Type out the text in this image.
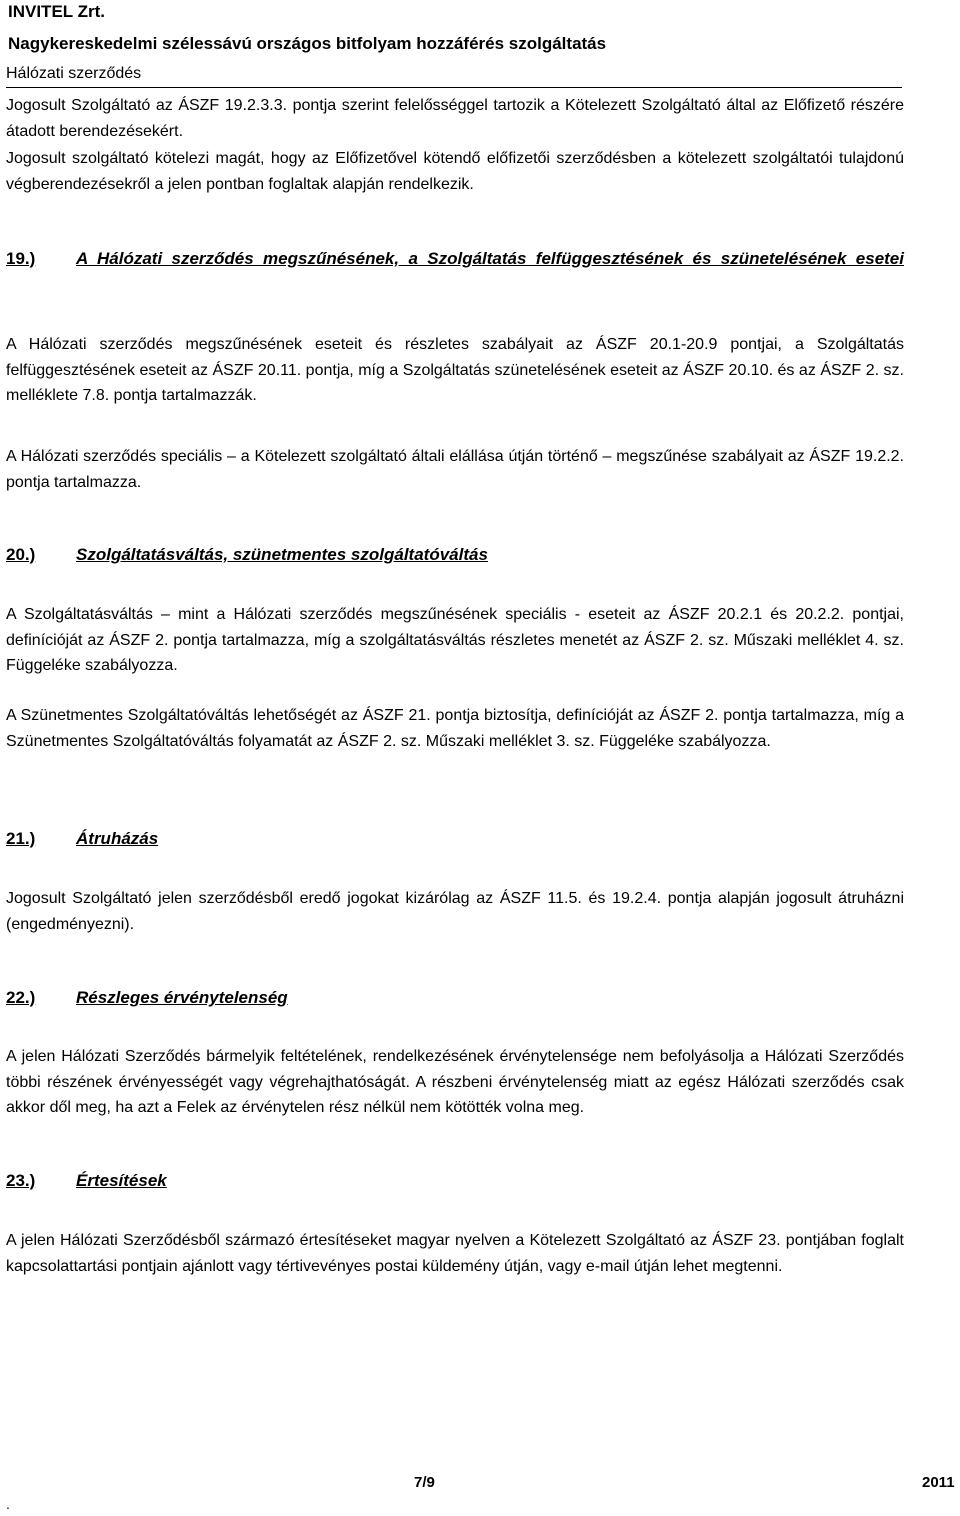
INVITEL Zrt.
Nagykereskedelmi szélessávú országos bitfolyam hozzáférés szolgáltatás
Hálózati szerződés
Jogosult Szolgáltató az ÁSZF 19.2.3.3. pontja szerint felelősséggel tartozik a Kötelezett Szolgáltató által az Előfizető részére átadott berendezésekért.
Jogosult szolgáltató kötelezi magát, hogy az Előfizetővel kötendő előfizetői szerződésben a kötelezett szolgáltatói tulajdonú végberendezésekről a jelen pontban foglaltak alapján rendelkezik.
19.) A Hálózati szerződés megszűnésének, a Szolgáltatás felfüggesztésének és szünetelésének esetei
A Hálózati szerződés megszűnésének eseteit és részletes szabályait az ÁSZF 20.1-20.9 pontjai, a Szolgáltatás felfüggesztésének eseteit az ÁSZF 20.11. pontja, míg a Szolgáltatás szünetelésének eseteit az ÁSZF 20.10. és az ÁSZF 2. sz. melléklete 7.8. pontja tartalmazzák.
A Hálózati szerződés speciális – a Kötelezett szolgáltató általi elállása útján történő – megszűnése szabályait az ÁSZF 19.2.2. pontja tartalmazza.
20.) Szolgáltatásváltás, szünetmentes szolgáltatóváltás
A Szolgáltatásváltás – mint a Hálózati szerződés megszűnésének speciális - eseteit az ÁSZF 20.2.1 és 20.2.2. pontjai, definícióját az ÁSZF 2. pontja tartalmazza, míg a szolgáltatásváltás részletes menetét az ÁSZF 2. sz. Műszaki melléklet 4. sz. Függeléke szabályozza.
A Szünetmentes Szolgáltatóváltás lehetőségét az ÁSZF 21. pontja biztosítja, definícióját az ÁSZF 2. pontja tartalmazza, míg a Szünetmentes Szolgáltatóváltás folyamatát az ÁSZF 2. sz. Műszaki melléklet 3. sz. Függeléke szabályozza.
21.) Átruházás
Jogosult Szolgáltató jelen szerződésből eredő jogokat kizárólag az ÁSZF 11.5. és 19.2.4. pontja alapján jogosult átruházni (engedményezni).
22.) Részleges érvénytelenség
A jelen Hálózati Szerződés bármelyik feltételének, rendelkezésének érvénytelensége nem befolyásolja a Hálózati Szerződés többi részének érvényességét vagy végrehajthatóságát. A részbeni érvénytelenség miatt az egész Hálózati szerződés csak akkor dől meg, ha azt a Felek az érvénytelen rész nélkül nem kötötték volna meg.
23.) Értesítések
A jelen Hálózati Szerződésből származó értesítéseket magyar nyelven a Kötelezett Szolgáltató az ÁSZF 23. pontjában foglalt kapcsolattartási pontjain ajánlott vagy tértivevényes postai küldemény útján, vagy e-mail útján lehet megtenni.
7/9	2011
.
